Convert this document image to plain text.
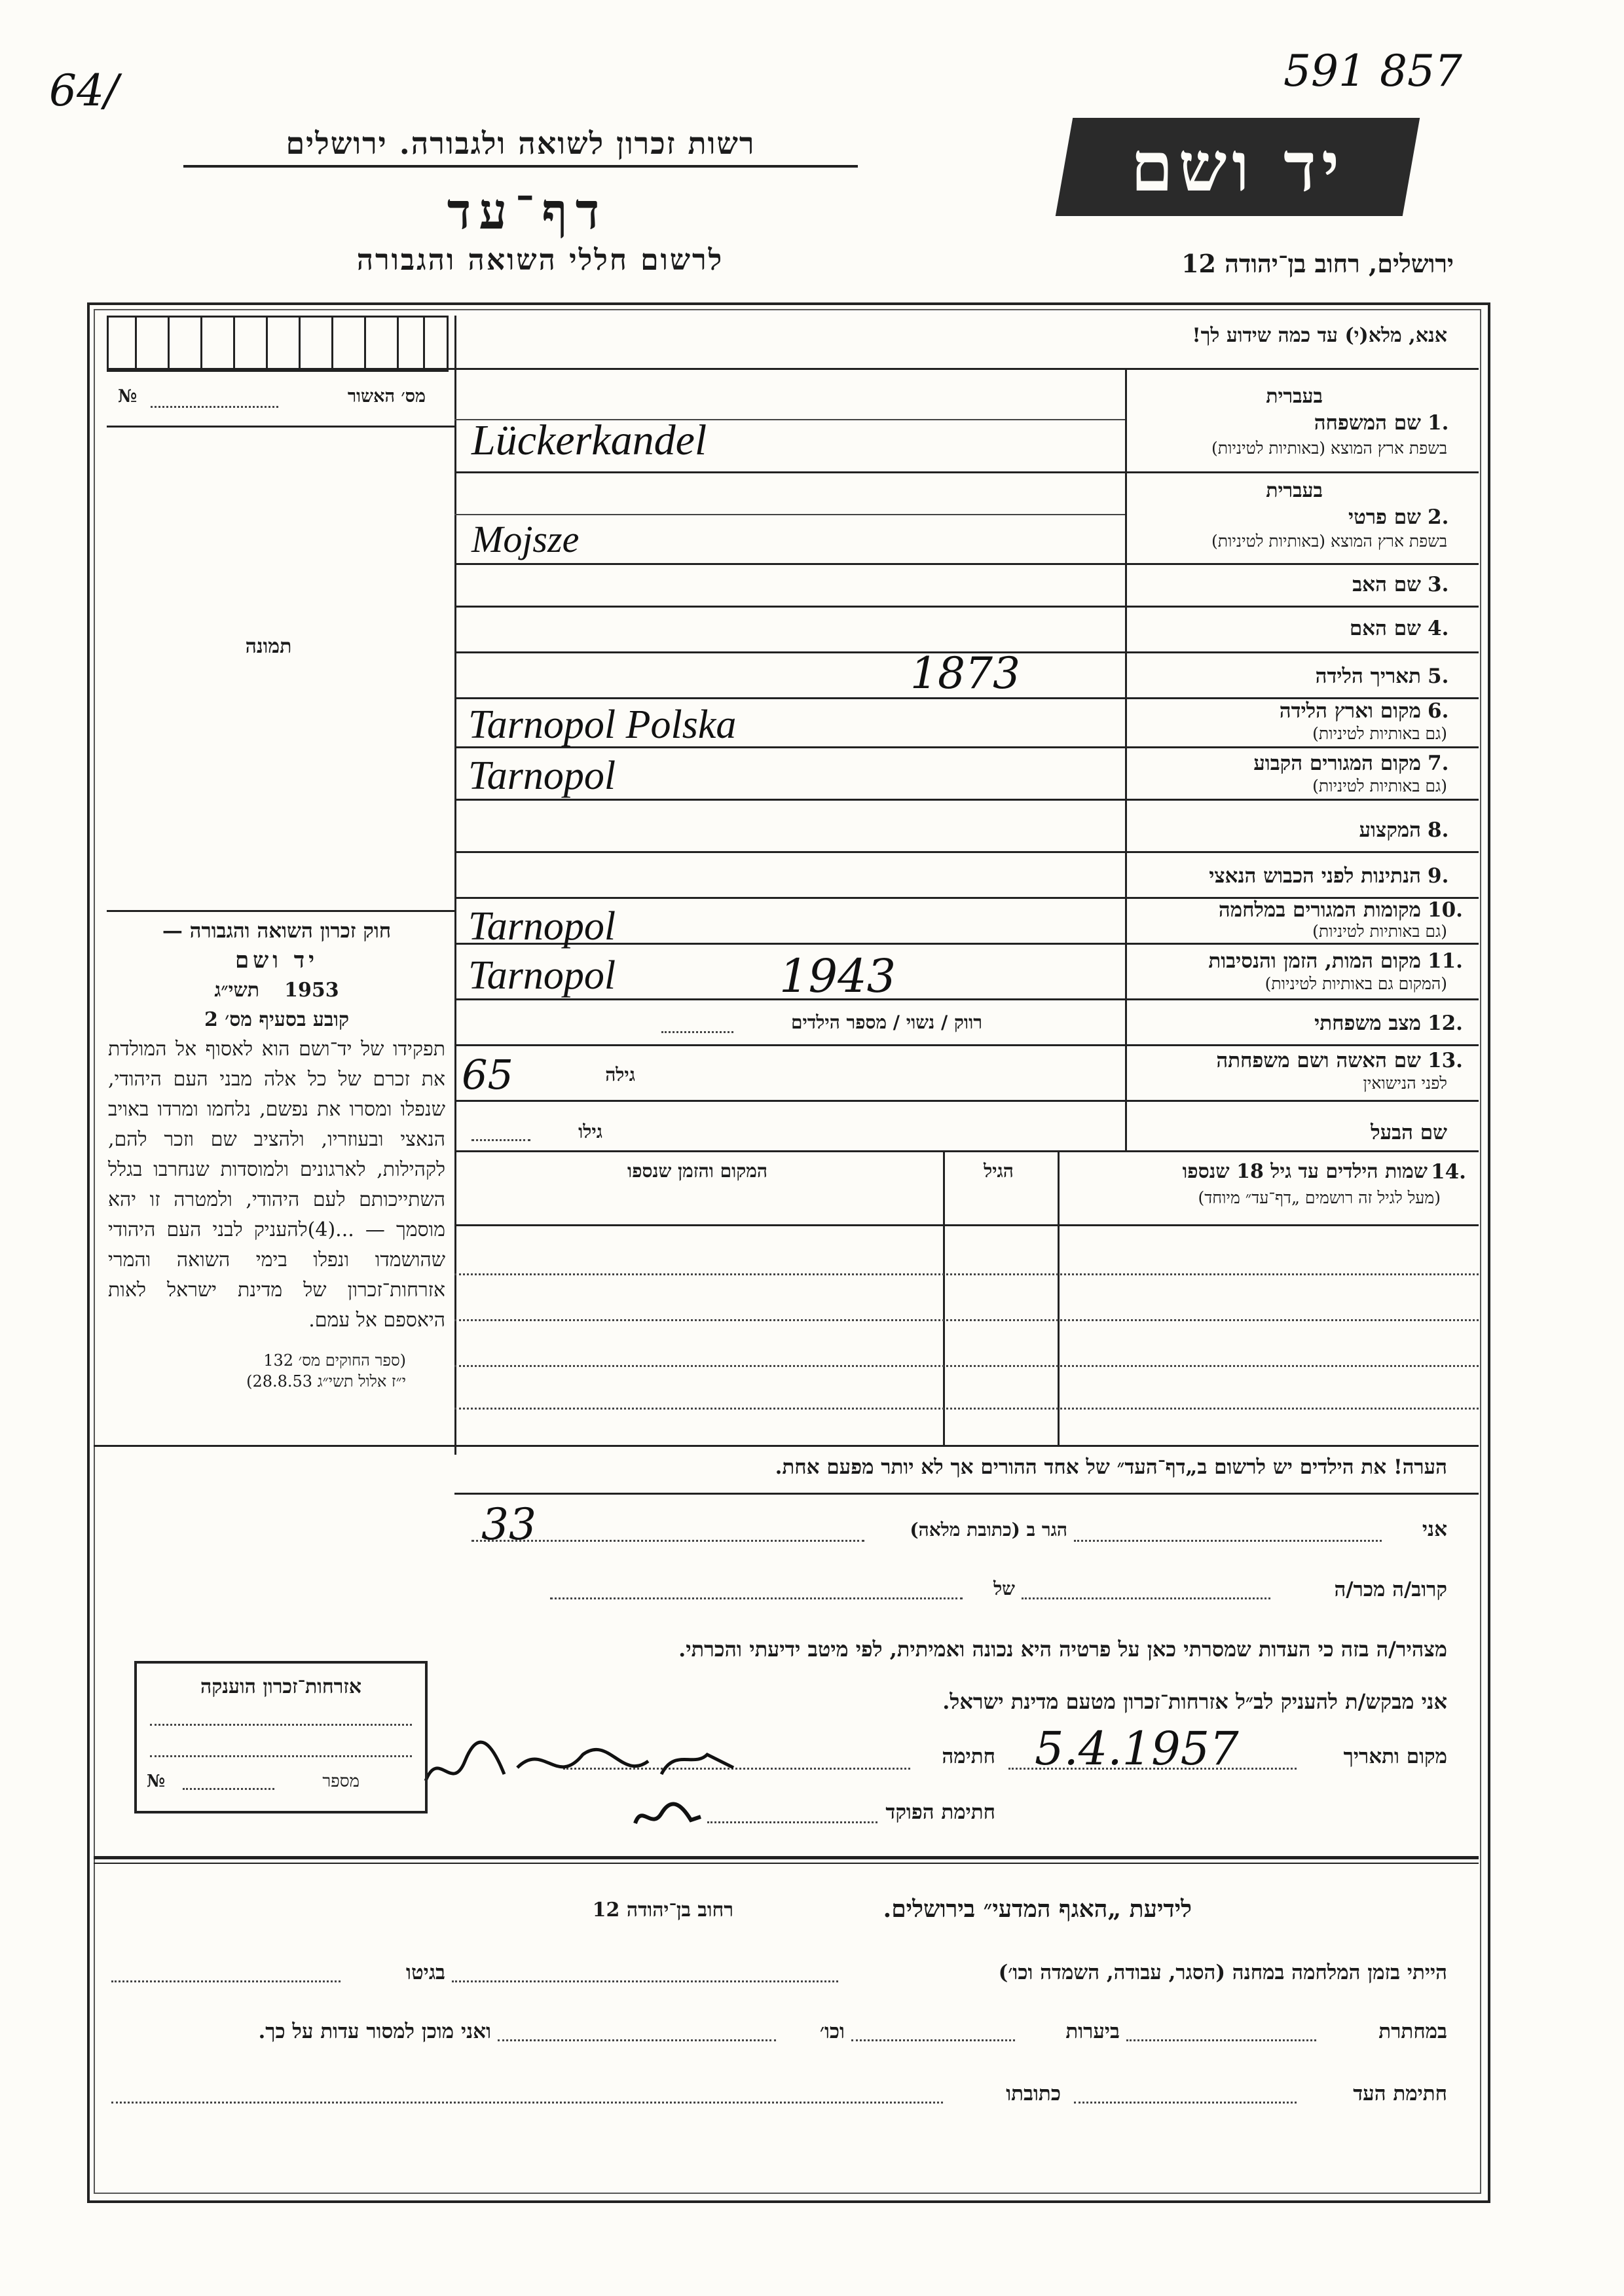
64/	591 857
רשות זכרון לשואה ולגבורה. ירושלים
דף־עד
לרשום חללי השואה והגבורה
יד ושם
ירושלים, רחוב בן־יהודה 12
אנא, מלא(י) עד כמה שידוע לך!
מס׳ האשור
№
תמונה
בעברית
1.
שם המשפחה
בשפת ארץ המוצא (באותיות לטיניות)
Lückerkandel
בעברית
2.
שם פרטי
בשפת ארץ המוצא (באותיות לטיניות)
Mojsze
3.
שם האב
4.
שם האם
5.
תאריך הלידה
1873
6.
מקום וארץ הלידה
(גם באותיות לטיניות)
Tarnopol Polska
7.
מקום המגורים הקבוע
(גם באותיות לטיניות)
Tarnopol
8.
המקצוע
9.
הנתינות לפני הכבוש הנאצי
10.
מקומות המגורים במלחמה
(גם באותיות לטיניות)
Tarnopol
11.
מקום המות, הזמן והנסיבות
(המקום גם באותיות לטיניות)
Tarnopol	1943
12.
מצב משפחתי
רווק / נשוי / מספר הילדים
13.
שם האשה ושם משפחתה
לפני הנישואין
גילה
65
שם הבעל
גילו
14.
שמות הילדים עד גיל 18 שנספו
(מעל לגיל זה רושמים „דף־עד״ מיוחד)
הגיל
המקום והזמן שנספו

חוק זכרון השואה והגבורה —

יד ושם

1953    תשי״ג

קובע בסעיף מס׳ 2

תפקידו של יד־ושם הוא לאסוף אל המולדת את זכרם של כל אלה מבני העם היהודי, שנפלו ומסרו את נפשם, נלחמו ומרדו באויב הנאצי ובעוזריו, ולהציב שם וזכר להם, לקהילות, לארגונים ולמוסדות שנחרבו בגלל השתייכותם לעם היהודי, ולמטרה זו יהא מוסמך — ...(4)להעניק לבני העם היהודי שהושמדו ונפלו בימי השואה והמרי אזרחות־זכרון של מדינת ישראל לאות היאספם אל עמם.

(ספר החוקים מס׳ 132

י״ז אלול תשי״ג 28.8.53)

הערה! את הילדים יש לרשום ב„דף־העד״ של אחד ההורים אך לא יותר מפעם אחת.
אני
הגר ב (כתובת מלאה)
33
קרוב/ה מכר/ה
של
מצהיר/ה בזה כי העדות שמסרתי כאן על פרטיה היא נכונה ואמיתית, לפי מיטב ידיעתי והכרתי.
אני מבקש/ת להעניק לב״ל אזרחות־זכרון מטעם מדינת ישראל.
מקום ותאריך
5.4.1957
חתימה
חתימת הפוקד
אזרחות־זכרון הוענקה
מספר
№
לידיעת „האגף המדעי״ בירושלים.
רחוב בן־יהודה 12
הייתי בזמן המלחמה במחנה (הסגר, עבודה, השמדה וכו׳)
בגיטו
במחתרת
ביערות
וכו׳
ואני מוכן למסור עדות על כך.
חתימת העד
כתובתו
